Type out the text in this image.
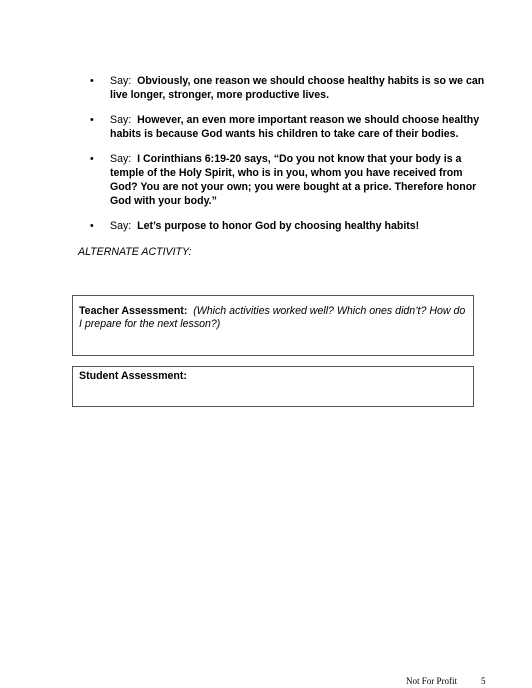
• Say: Obviously, one reason we should choose healthy habits is so we can live longer, stronger, more productive lives.
• Say: However, an even more important reason we should choose healthy habits is because God wants his children to take care of their bodies.
• Say: I Corinthians 6:19-20 says, “Do you not know that your body is a temple of the Holy Spirit, who is in you, whom you have received from God? You are not your own; you were bought at a price. Therefore honor God with your body.”
• Say: Let’s purpose to honor God by choosing healthy habits!
ALTERNATE ACTIVITY:
Teacher Assessment: (Which activities worked well? Which ones didn’t? How do I prepare for the next lesson?)
Student Assessment:
Not For Profit	5
